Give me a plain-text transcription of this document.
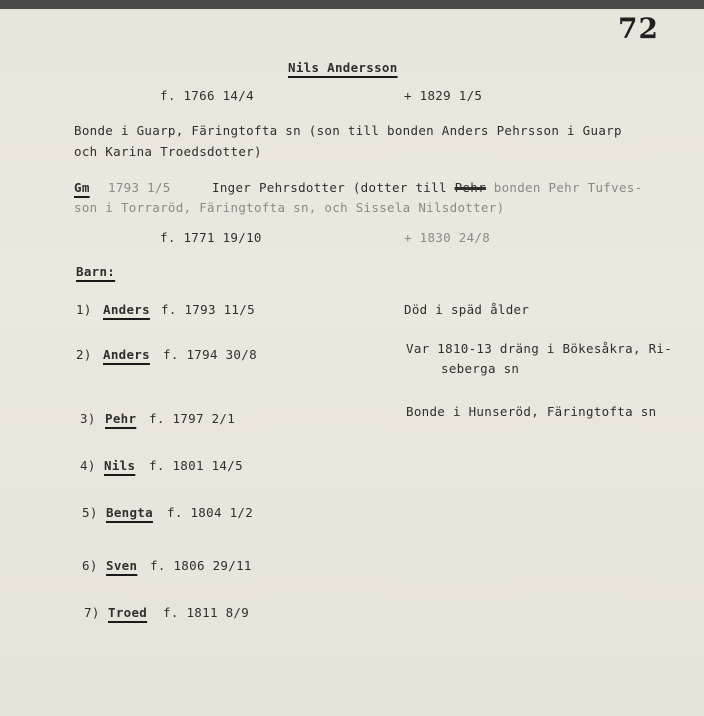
72
Nils Andersson
f. 1766 14/4	+ 1829 1/5
Bonde i Guarp, Färingtofta sn (son till bonden Anders Pehrsson i Guarp
och Karina Troedsdotter)
Gm 1793 1/5	Inger Pehrsdotter (dotter till Pehr bonden Pehr Tufves-
son i Torraröd, Färingtofta sn, och Sissela Nilsdotter)
f. 1771 19/10	+ 1830 24/8
Barn:
1) Anders f. 1793 11/5	Död i späd ålder
2) Anders f. 1794 30/8	Var 1810-13 dräng i Bökesåkra, Ri-
seberga sn
3) Pehr f. 1797 2/1	Bonde i Hunseröd, Färingtofta sn
4) Nils f. 1801 14/5
5) Bengta f. 1804 1/2
6) Sven f. 1806 29/11
7) Troed f. 1811 8/9
